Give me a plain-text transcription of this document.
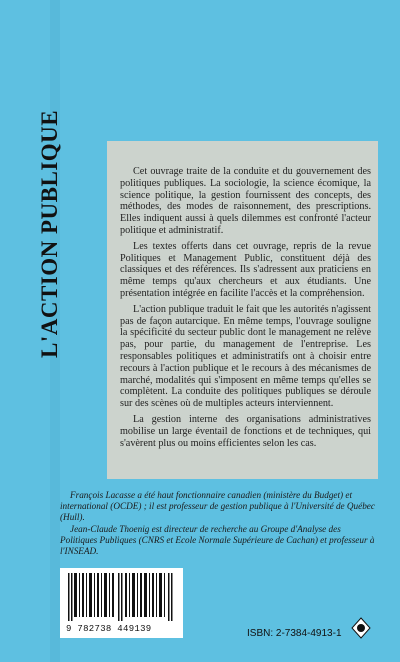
L'ACTION PUBLIQUE	Cet ouvrage traite de la conduite et du gouvernement des politiques publiques. La sociologie, la science écomique, la science politique, la gestion fournissent des concepts, des méthodes, des modes de raisonnement, des prescriptions. Elles indiquent aussi à quels dilemmes est confronté l'acteur politique et administratif.

Les textes offerts dans cet ouvrage, repris de la revue Politiques et Management Public, constituent déjà des classiques et des références. Ils s'adressent aux praticiens en même temps qu'aux chercheurs et aux étudiants. Une présentation intégrée en facilite l'accès et la compréhension.

L'action publique traduit le fait que les autorités n'agissent pas de façon autarcique. En même temps, l'ouvrage souligne la spécificité du secteur public dont le management ne relève pas, pour partie, du management de l'entreprise. Les responsables politiques et administratifs ont à choisir entre recours à l'action publique et le recours à des mécanismes de marché, modalités qui s'imposent en même temps qu'elles se complètent. La conduite des politiques publiques se déroule sur des scènes où de multiples acteurs interviennent.

La gestion interne des organisations administratives mobilise un large éventail de fonctions et de techniques, qui s'avèrent plus ou moins efficientes selon les cas.

François Lacasse a été haut fonctionnaire canadien (ministère du Budget) et international (OCDE) ; il est professeur de gestion publique à l'Université de Québec (Hull).

Jean-Claude Thoenig est directeur de recherche au Groupe d'Analyse des Politiques Publiques (CNRS et Ecole Normale Supérieure de Cachan) et professeur à l'INSEAD.

9 782738 449139	ISBN: 2-7384-4913-1
